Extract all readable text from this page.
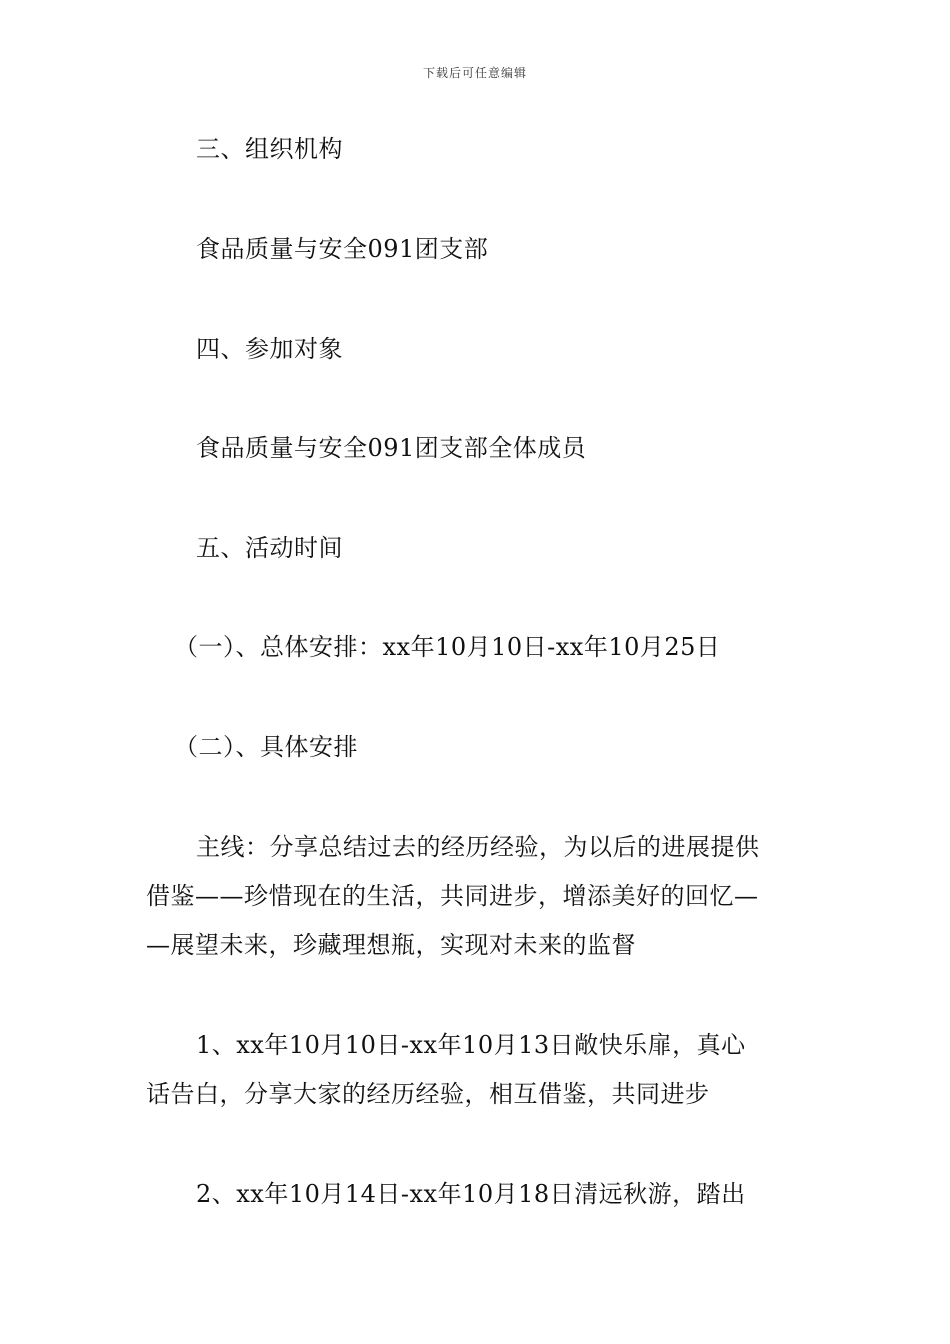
下载后可任意编辑
三、组织机构
食品质量与安全091团支部
四、参加对象
食品质量与安全091团支部全体成员
五、活动时间
（一）、总体安排：xx年10月10日-xx年10月25日
（二）、具体安排
主线：分享总结过去的经历经验，为以后的进展提供
借鉴——珍惜现在的生活，共同进步，增添美好的回忆—
—展望未来，珍藏理想瓶，实现对未来的监督
1、xx年10月10日-xx年10月13日敞快乐扉，真心
话告白，分享大家的经历经验，相互借鉴，共同进步
2、xx年10月14日-xx年10月18日清远秋游，踏出
